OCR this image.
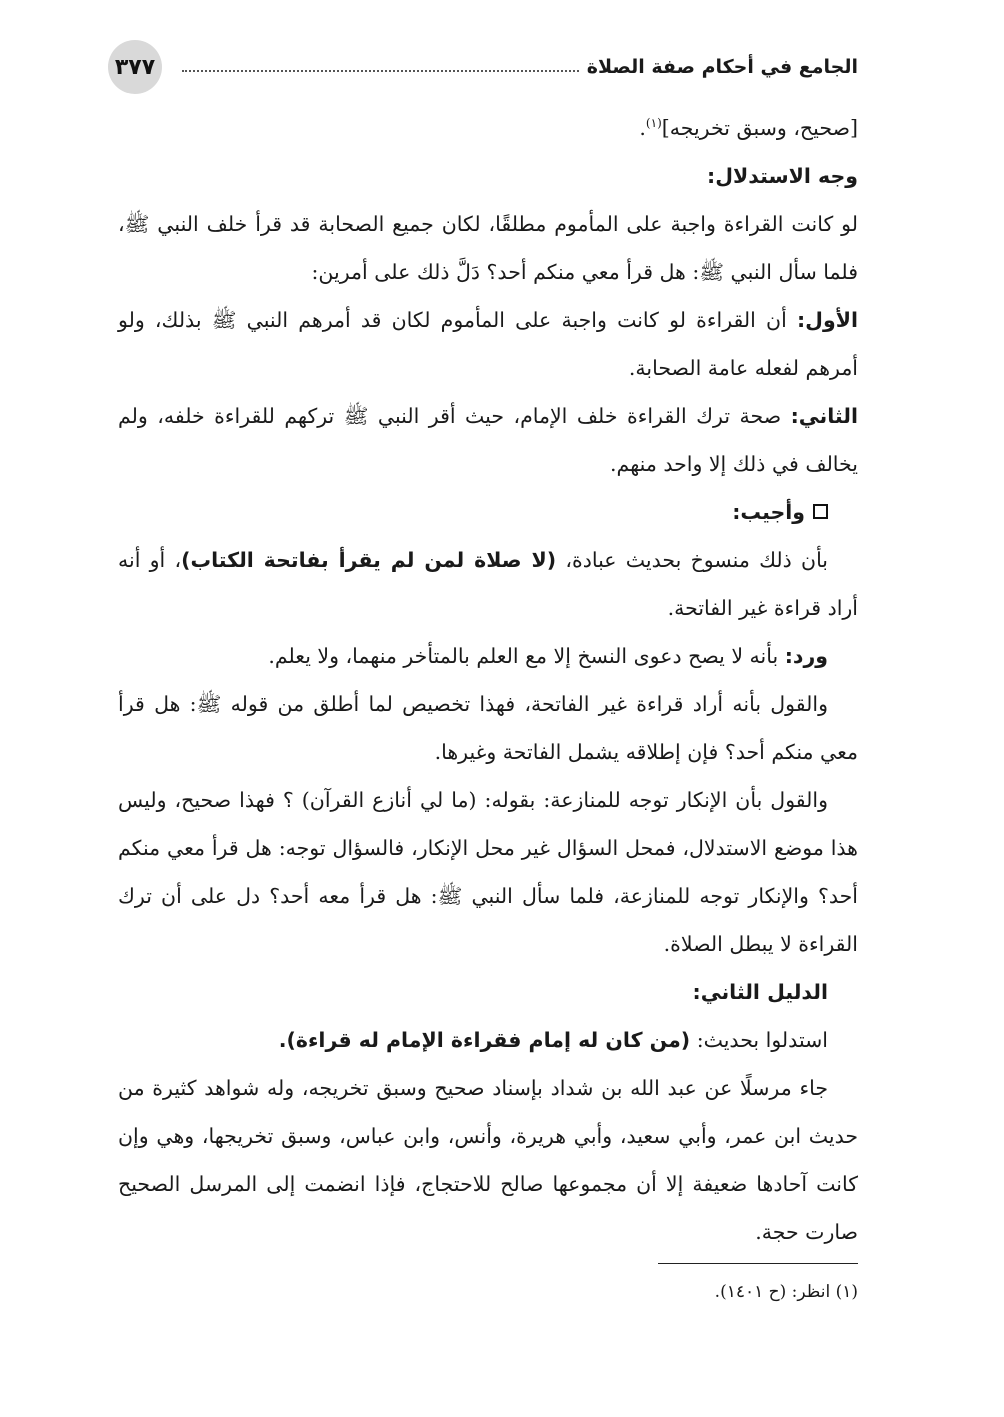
٣٧٧	الجامع في أحكام صفة الصلاة

[صحيح، وسبق تخريجه]$^{(١)}$.

وجه الاستدلال:

لو كانت القراءة واجبة على المأموم مطلقًا، لكان جميع الصحابة قد قرأ خلف النبي ﷺ، فلما سأل النبي ﷺ: هل قرأ معي منكم أحد؟ دَلَّ ذلك على أمرين:

الأول: أن القراءة لو كانت واجبة على المأموم لكان قد أمرهم النبي ﷺ بذلك، ولو أمرهم لفعله عامة الصحابة.

الثاني: صحة ترك القراءة خلف الإمام، حيث أقر النبي ﷺ تركهم للقراءة خلفه، ولم يخالف في ذلك إلا واحد منهم.

وأجيب:

بأن ذلك منسوخ بحديث عبادة، (لا صلاة لمن لم يقرأ بفاتحة الكتاب)، أو أنه أراد قراءة غير الفاتحة.

ورد: بأنه لا يصح دعوى النسخ إلا مع العلم بالمتأخر منهما، ولا يعلم.

والقول بأنه أراد قراءة غير الفاتحة، فهذا تخصيص لما أطلق من قوله ﷺ: هل قرأ معي منكم أحد؟ فإن إطلاقه يشمل الفاتحة وغيرها.

والقول بأن الإنكار توجه للمنازعة: بقوله: (ما لي أنازع القرآن) ؟ فهذا صحيح، وليس هذا موضع الاستدلال، فمحل السؤال غير محل الإنكار، فالسؤال توجه: هل قرأ معي منكم أحد؟ والإنكار توجه للمنازعة، فلما سأل النبي ﷺ: هل قرأ معه أحد؟ دل على أن ترك القراءة لا يبطل الصلاة.

الدليل الثاني:

استدلوا بحديث: (من كان له إمام فقراءة الإمام له قراءة).

جاء مرسلًا عن عبد الله بن شداد بإسناد صحيح وسبق تخريجه، وله شواهد كثيرة من حديث ابن عمر، وأبي سعيد، وأبي هريرة، وأنس، وابن عباس، وسبق تخريجها، وهي وإن كانت آحادها ضعيفة إلا أن مجموعها صالح للاحتجاج، فإذا انضمت إلى المرسل الصحيح صارت حجة.

(١) انظر: (ح ١٤٠١).
